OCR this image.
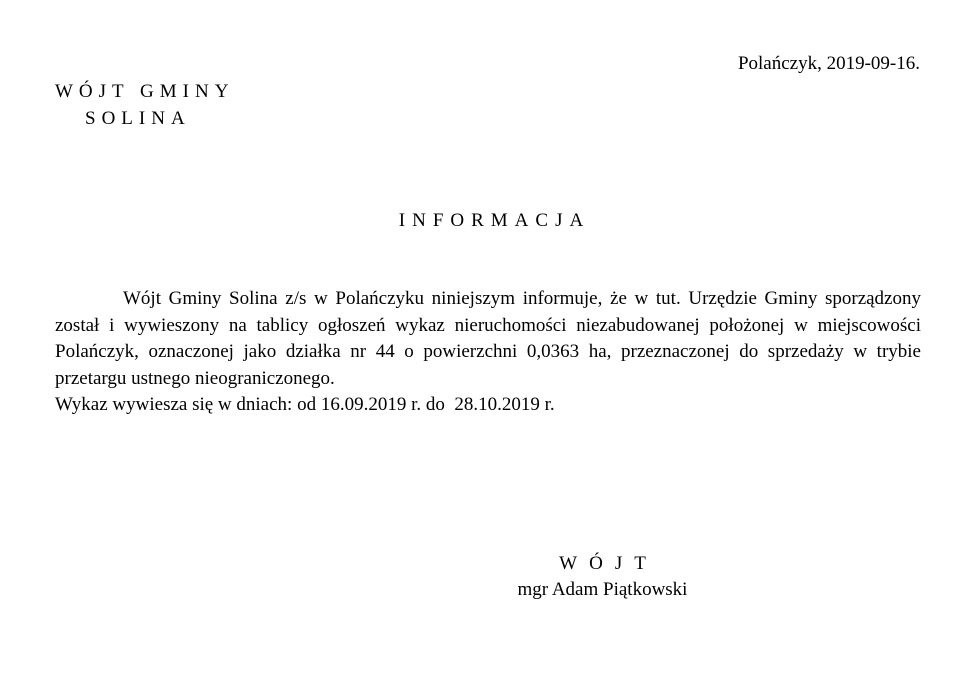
Polańczyk, 2019-09-16.
WÓJT GMINY
SOLINA
INFORMACJA

Wójt Gminy Solina z/s w Polańczyku niniejszym informuje, że w tut. Urzędzie Gminy sporządzony został i wywieszony na tablicy ogłoszeń wykaz nieruchomości niezabudowanej położonej w miejscowości Polańczyk, oznaczonej jako działka nr 44 o powierzchni 0,0363 ha, przeznaczonej do sprzedaży w trybie przetargu ustnego nieograniczonego.

Wykaz wywiesza się w dniach: od 16.09.2019 r. do  28.10.2019 r.
WÓJT
mgr Adam Piątkowski
